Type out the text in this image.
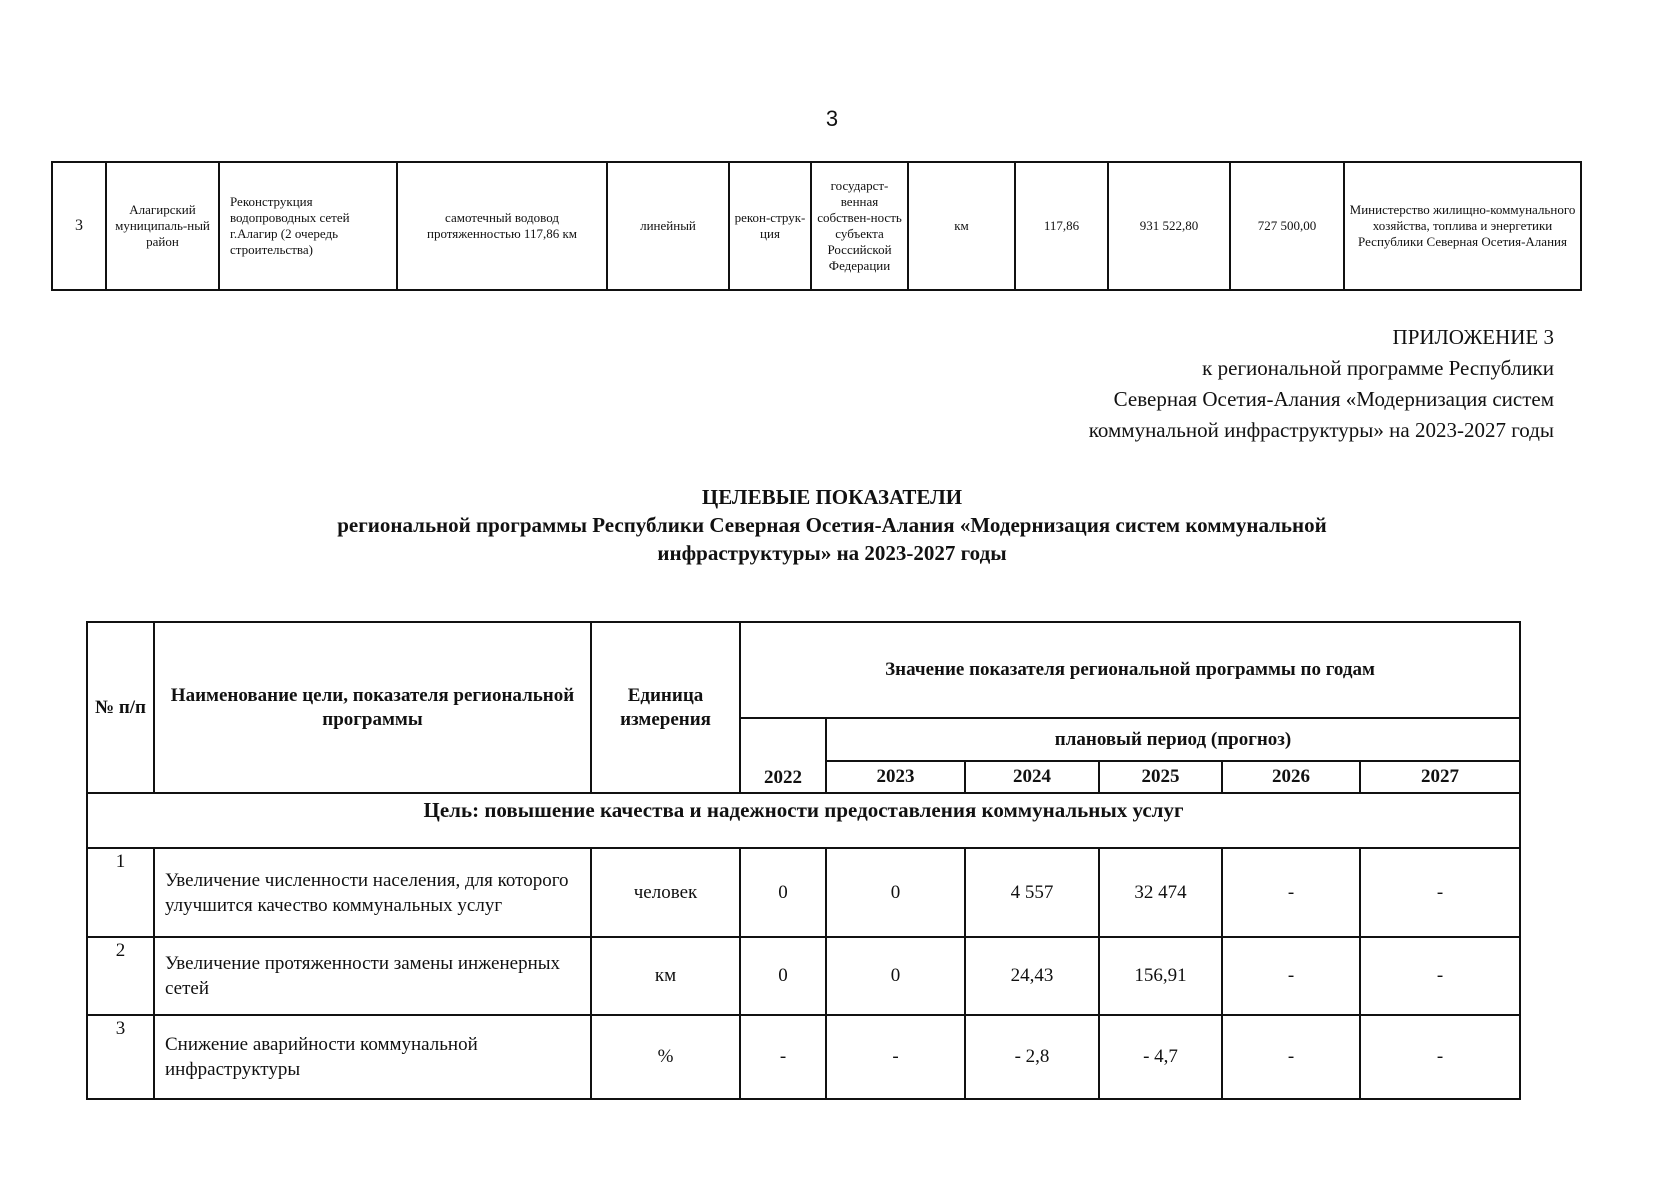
3
3	Алагирский муниципаль-ный район	Реконструкция водопроводных сетей г.Алагир (2 очередь строительства)	самотечный водовод протяженностью 117,86 км	линейный	рекон-струк-ция	государст-венная собствен-ность субъекта Российской Федерации	км	117,86	931 522,80	727 500,00	Министерство жилищно-коммунального хозяйства, топлива и энергетики Республики Северная Осетия-Алания
ПРИЛОЖЕНИЕ 3
к региональной программе Республики
Северная Осетия-Алания «Модернизация систем
коммунальной инфраструктуры» на 2023-2027 годы
ЦЕЛЕВЫЕ ПОКАЗАТЕЛИ
региональной программы Республики Северная Осетия-Алания «Модернизация систем коммунальной
инфраструктуры» на 2023-2027 годы
№ п/п	Наименование цели, показателя региональной программы	Единица измерения	Значение показателя региональной программы по годам					
			2022	плановый период (прогноз)				
				2023	2024	2025	2026	2027
Цель: повышение качества и надежности предоставления коммунальных услуг								
1	Увеличение численности населения, для которого улучшится качество коммунальных услуг	человек	0	0	4 557	32 474	-	-
2	Увеличение протяженности замены инженерных сетей	км	0	0	24,43	156,91	-	-
3	Снижение аварийности коммунальной инфраструктуры	%	-	-	- 2,8	- 4,7	-	-
